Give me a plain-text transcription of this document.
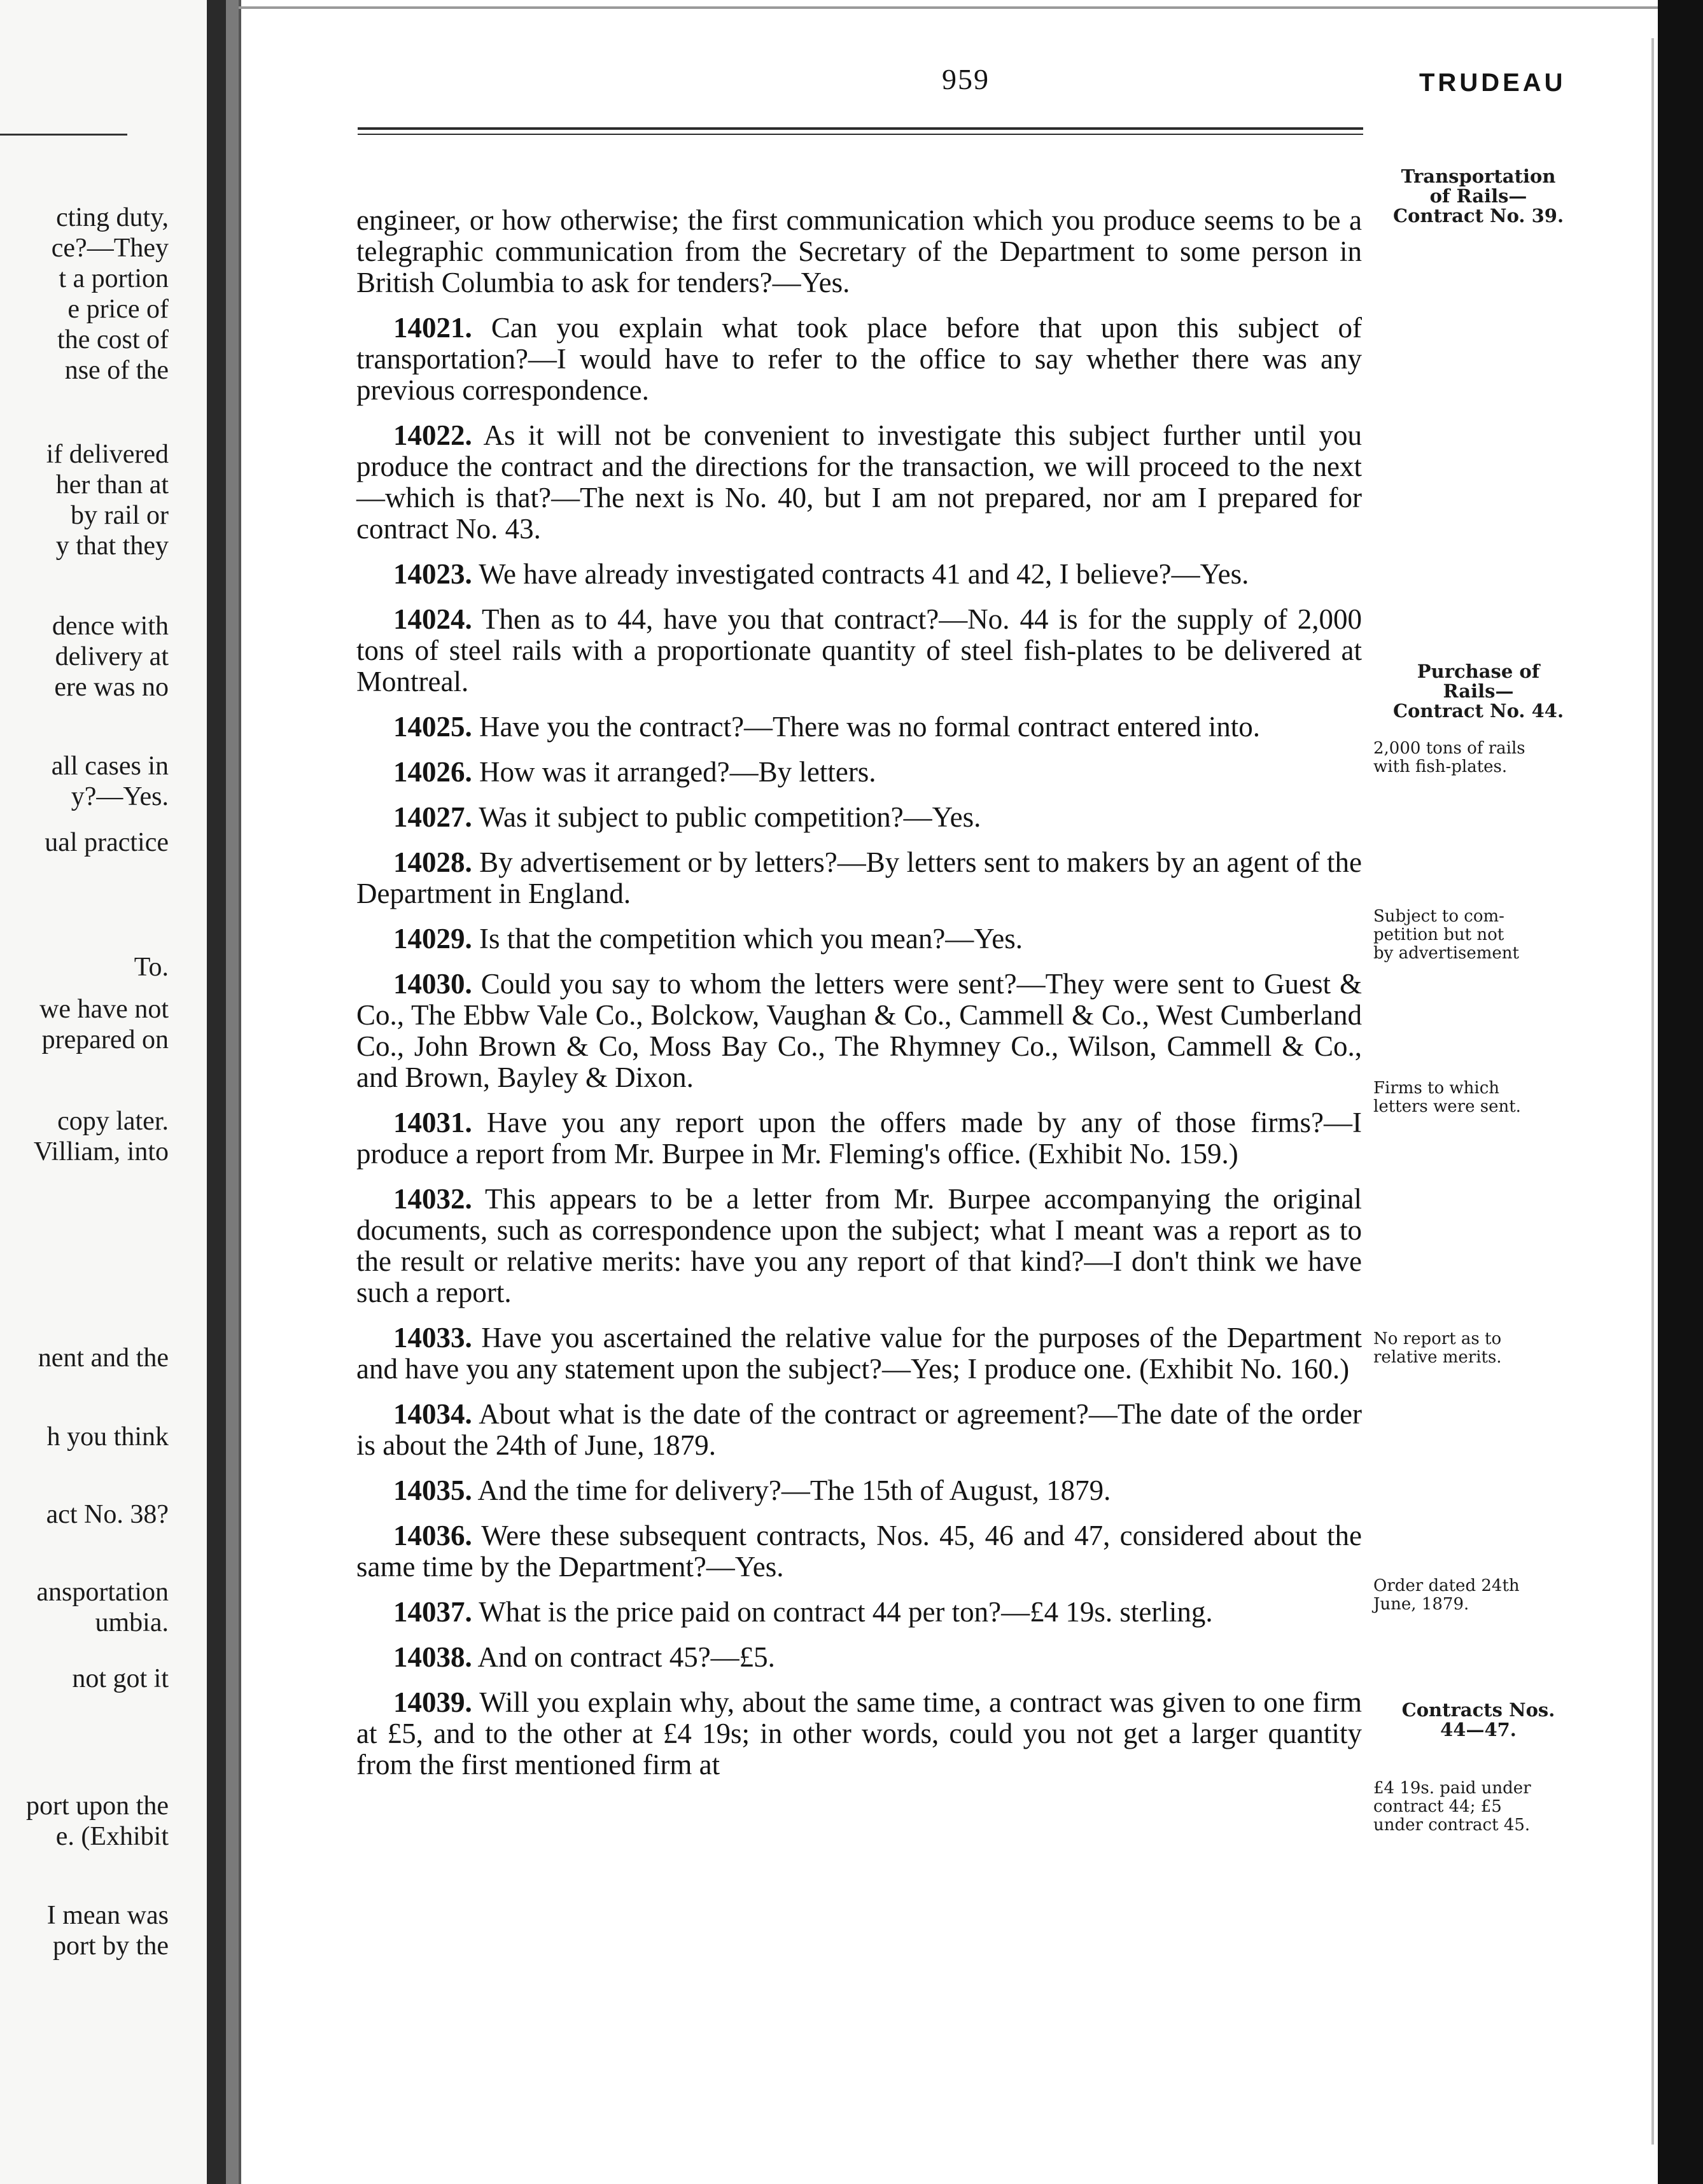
cting duty,
ce?—They
t a portion
e price of
the cost of
nse of the
if delivered
her than at
by rail or
y that they
dence with
delivery at
ere was no
all cases in
y?—Yes.
ual practice
To.
we have not
prepared on
copy later.
Villiam, into
nent and the
h you think
act No. 38?
ansportation
umbia.
not got it
port upon the
e. (Exhibit
I mean was
port by the
959	TRUDEAU

engineer, or how otherwise; the first communication which you produce seems to be a telegraphic communication from the Secretary of the Department to some person in British Columbia to ask for tenders?—Yes.

14021. Can you explain what took place before that upon this subject of transportation?—I would have to refer to the office to say whether there was any previous correspondence.

14022. As it will not be convenient to investigate this subject further until you produce the contract and the directions for the transaction, we will proceed to the next—which is that?—The next is No. 40, but I am not prepared, nor am I prepared for contract No. 43.

14023. We have already investigated contracts 41 and 42, I believe?—Yes.

14024. Then as to 44, have you that contract?—No. 44 is for the supply of 2,000 tons of steel rails with a proportionate quantity of steel fish-plates to be delivered at Montreal.

14025. Have you the contract?—There was no formal contract entered into.

14026. How was it arranged?—By letters.

14027. Was it subject to public competition?—Yes.

14028. By advertisement or by letters?—By letters sent to makers by an agent of the Department in England.

14029. Is that the competition which you mean?—Yes.

14030. Could you say to whom the letters were sent?—They were sent to Guest & Co., The Ebbw Vale Co., Bolckow, Vaughan & Co., Cammell & Co., West Cumberland Co., John Brown & Co, Moss Bay Co., The Rhymney Co., Wilson, Cammell & Co., and Brown, Bayley & Dixon.

14031. Have you any report upon the offers made by any of those firms?—I produce a report from Mr. Burpee in Mr. Fleming's office. (Exhibit No. 159.)

14032. This appears to be a letter from Mr. Burpee accompanying the original documents, such as correspondence upon the subject; what I meant was a report as to the result or relative merits: have you any report of that kind?—I don't think we have such a report.

14033. Have you ascertained the relative value for the purposes of the Department and have you any statement upon the subject?—Yes; I produce one. (Exhibit No. 160.)

14034. About what is the date of the contract or agreement?—The date of the order is about the 24th of June, 1879.

14035. And the time for delivery?—The 15th of August, 1879.

14036. Were these subsequent contracts, Nos. 45, 46 and 47, considered about the same time by the Department?—Yes.

14037. What is the price paid on contract 44 per ton?—£4 19s. sterling.

14038. And on contract 45?—£5.

14039. Will you explain why, about the same time, a contract was given to one firm at £5, and to the other at £4 19s; in other words, could you not get a larger quantity from the first mentioned firm at

Transportation
of Rails—
Contract No. 39.
Purchase of
Rails—
Contract No. 44.
2,000 tons of rails
with fish-plates.
Subject to com-
petition but not
by advertisement
Firms to which
letters were sent.
No report as to
relative merits.
Order dated 24th
June, 1879.
Contracts Nos.
44—47.
£4 19s. paid under
contract 44; £5
under contract 45.
